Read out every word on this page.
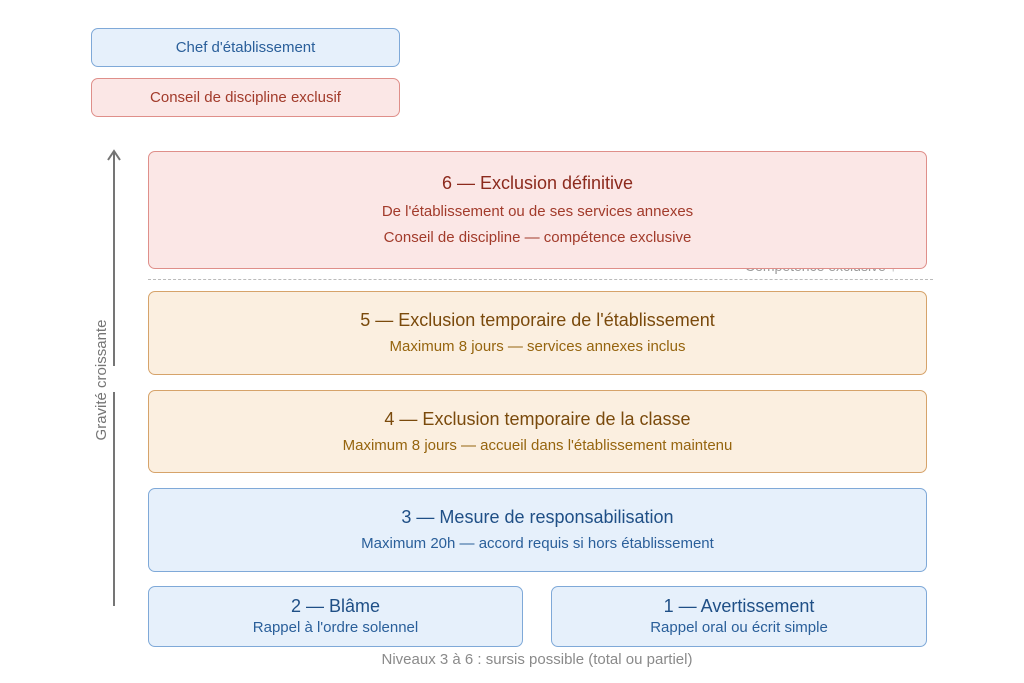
Chef d'établissement
Conseil de discipline exclusif
Gravité croissante
6 — Exclusion définitive
De l'établissement ou de ses services annexes
Conseil de discipline — compétence exclusive
5 — Exclusion temporaire de l'établissement
Maximum 8 jours — services annexes inclus
4 — Exclusion temporaire de la classe
Maximum 8 jours — accueil dans l'établissement maintenu
3 — Mesure de responsabilisation
Maximum 20h — accord requis si hors établissement
2 — Blâme
Rappel à l'ordre solennel
1 — Avertissement
Rappel oral ou écrit simple
Niveaux 3 à 6 : sursis possible (total ou partiel)
